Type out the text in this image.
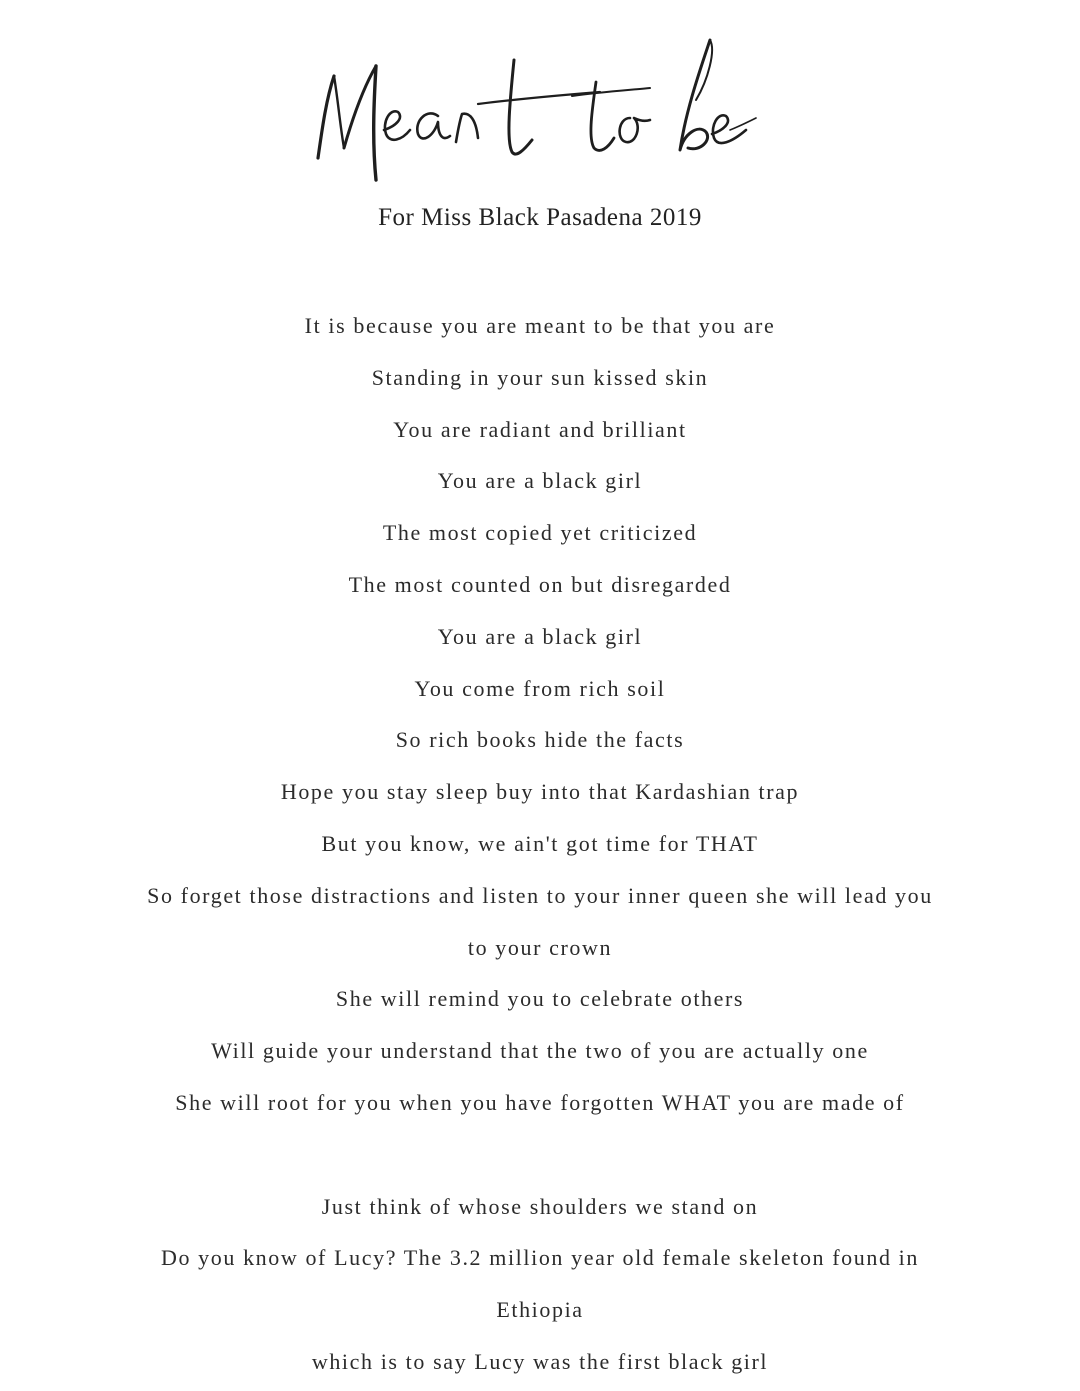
For Miss Black Pasadena 2019
It is because you are meant to be that you are
Standing in your sun kissed skin
You are radiant and brilliant
You are a black girl
The most copied yet criticized
The most counted on but disregarded
You are a black girl
You come from rich soil
So rich books hide the facts
Hope you stay sleep buy into that Kardashian trap
But you know, we ain't got time for THAT
So forget those distractions and listen to your inner queen she will lead you
to your crown
She will remind you to celebrate others
Will guide your understand that the two of you are actually one
She will root for you when you have forgotten WHAT you are made of
Just think of whose shoulders we stand on
Do you know of Lucy? The 3.2 million year old female skeleton found in
Ethiopia
which is to say Lucy was the first black girl
